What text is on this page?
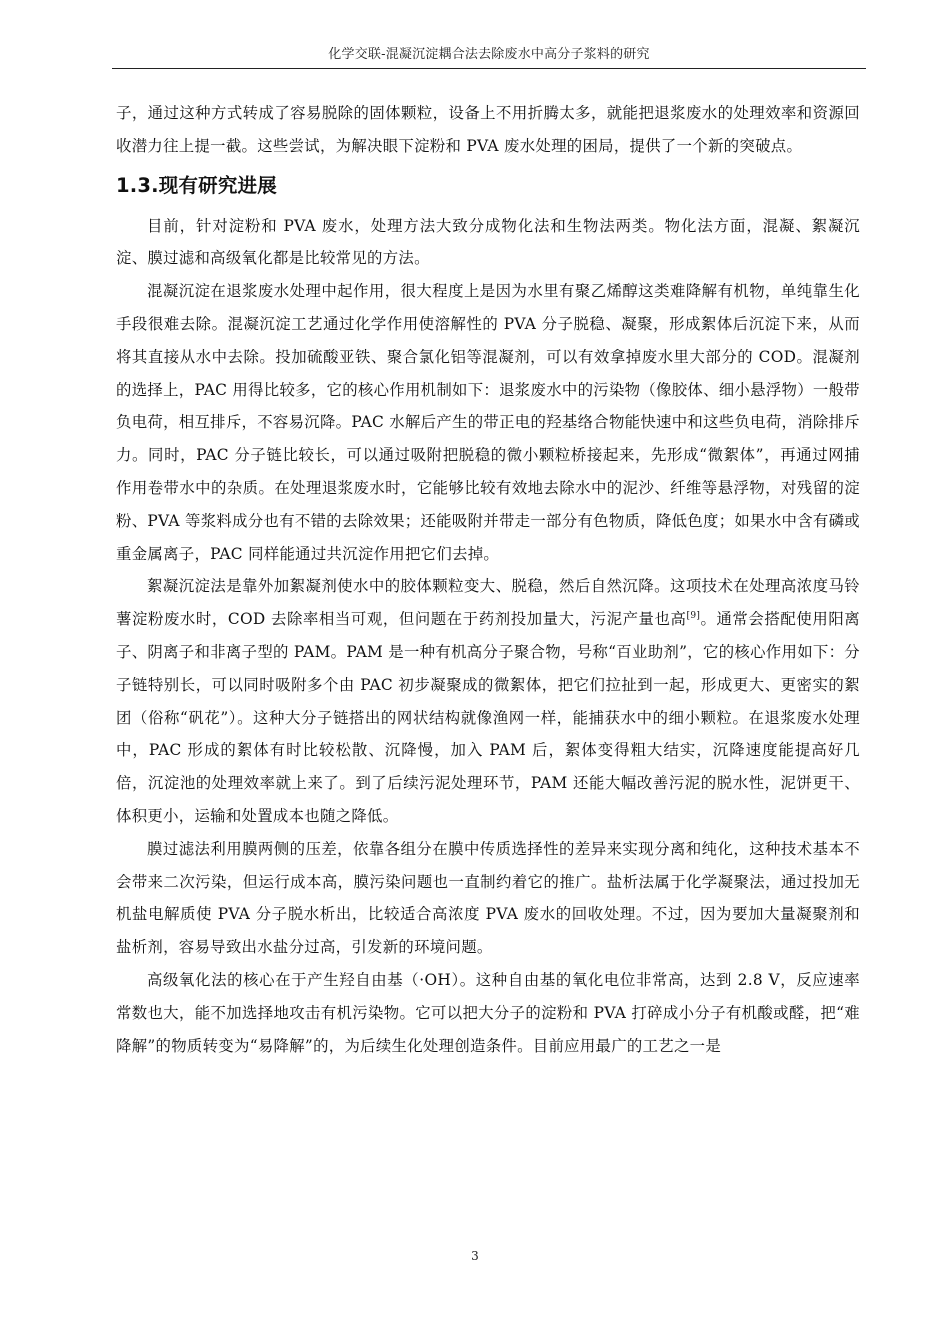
化学交联-混凝沉淀耦合法去除废水中高分子浆料的研究

子，通过这种方式转成了容易脱除的固体颗粒，设备上不用折腾太多，就能把退浆废水的处理效率和资源回收潜力往上提一截。这些尝试，为解决眼下淀粉和 PVA 废水处理的困局，提供了一个新的突破点。

1.3.现有研究进展

目前，针对淀粉和 PVA 废水，处理方法大致分成物化法和生物法两类。物化法方面，混凝、絮凝沉淀、膜过滤和高级氧化都是比较常见的方法。

混凝沉淀在退浆废水处理中起作用，很大程度上是因为水里有聚乙烯醇这类难降解有机物，单纯靠生化手段很难去除。混凝沉淀工艺通过化学作用使溶解性的 PVA 分子脱稳、凝聚，形成絮体后沉淀下来，从而将其直接从水中去除。投加硫酸亚铁、聚合氯化铝等混凝剂，可以有效拿掉废水里大部分的 COD。混凝剂的选择上，PAC 用得比较多，它的核心作用机制如下：退浆废水中的污染物（像胶体、细小悬浮物）一般带负电荷，相互排斥，不容易沉降。PAC 水解后产生的带正电的羟基络合物能快速中和这些负电荷，消除排斥力。同时，PAC 分子链比较长，可以通过吸附把脱稳的微小颗粒桥接起来，先形成“微絮体”，再通过网捕作用卷带水中的杂质。在处理退浆废水时，它能够比较有效地去除水中的泥沙、纤维等悬浮物，对残留的淀粉、PVA 等浆料成分也有不错的去除效果；还能吸附并带走一部分有色物质，降低色度；如果水中含有磷或重金属离子，PAC 同样能通过共沉淀作用把它们去掉。

絮凝沉淀法是靠外加絮凝剂使水中的胶体颗粒变大、脱稳，然后自然沉降。这项技术在处理高浓度马铃薯淀粉废水时，COD 去除率相当可观，但问题在于药剂投加量大，污泥产量也高[9]。通常会搭配使用阳离子、阴离子和非离子型的 PAM。PAM 是一种有机高分子聚合物，号称“百业助剂”，它的核心作用如下：分子链特别长，可以同时吸附多个由 PAC 初步凝聚成的微絮体，把它们拉扯到一起，形成更大、更密实的絮团（俗称“矾花”）。这种大分子链搭出的网状结构就像渔网一样，能捕获水中的细小颗粒。在退浆废水处理中，PAC 形成的絮体有时比较松散、沉降慢，加入 PAM 后，絮体变得粗大结实，沉降速度能提高好几倍，沉淀池的处理效率就上来了。到了后续污泥处理环节，PAM 还能大幅改善污泥的脱水性，泥饼更干、体积更小，运输和处置成本也随之降低。

膜过滤法利用膜两侧的压差，依靠各组分在膜中传质选择性的差异来实现分离和纯化，这种技术基本不会带来二次污染，但运行成本高，膜污染问题也一直制约着它的推广。盐析法属于化学凝聚法，通过投加无机盐电解质使 PVA 分子脱水析出，比较适合高浓度 PVA 废水的回收处理。不过，因为要加大量凝聚剂和盐析剂，容易导致出水盐分过高，引发新的环境问题。

高级氧化法的核心在于产生羟自由基（·OH）。这种自由基的氧化电位非常高，达到 2.8 V，反应速率常数也大，能不加选择地攻击有机污染物。它可以把大分子的淀粉和 PVA 打碎成小分子有机酸或醛，把“难降解”的物质转变为“易降解”的，为后续生化处理创造条件。目前应用最广的工艺之一是

3
